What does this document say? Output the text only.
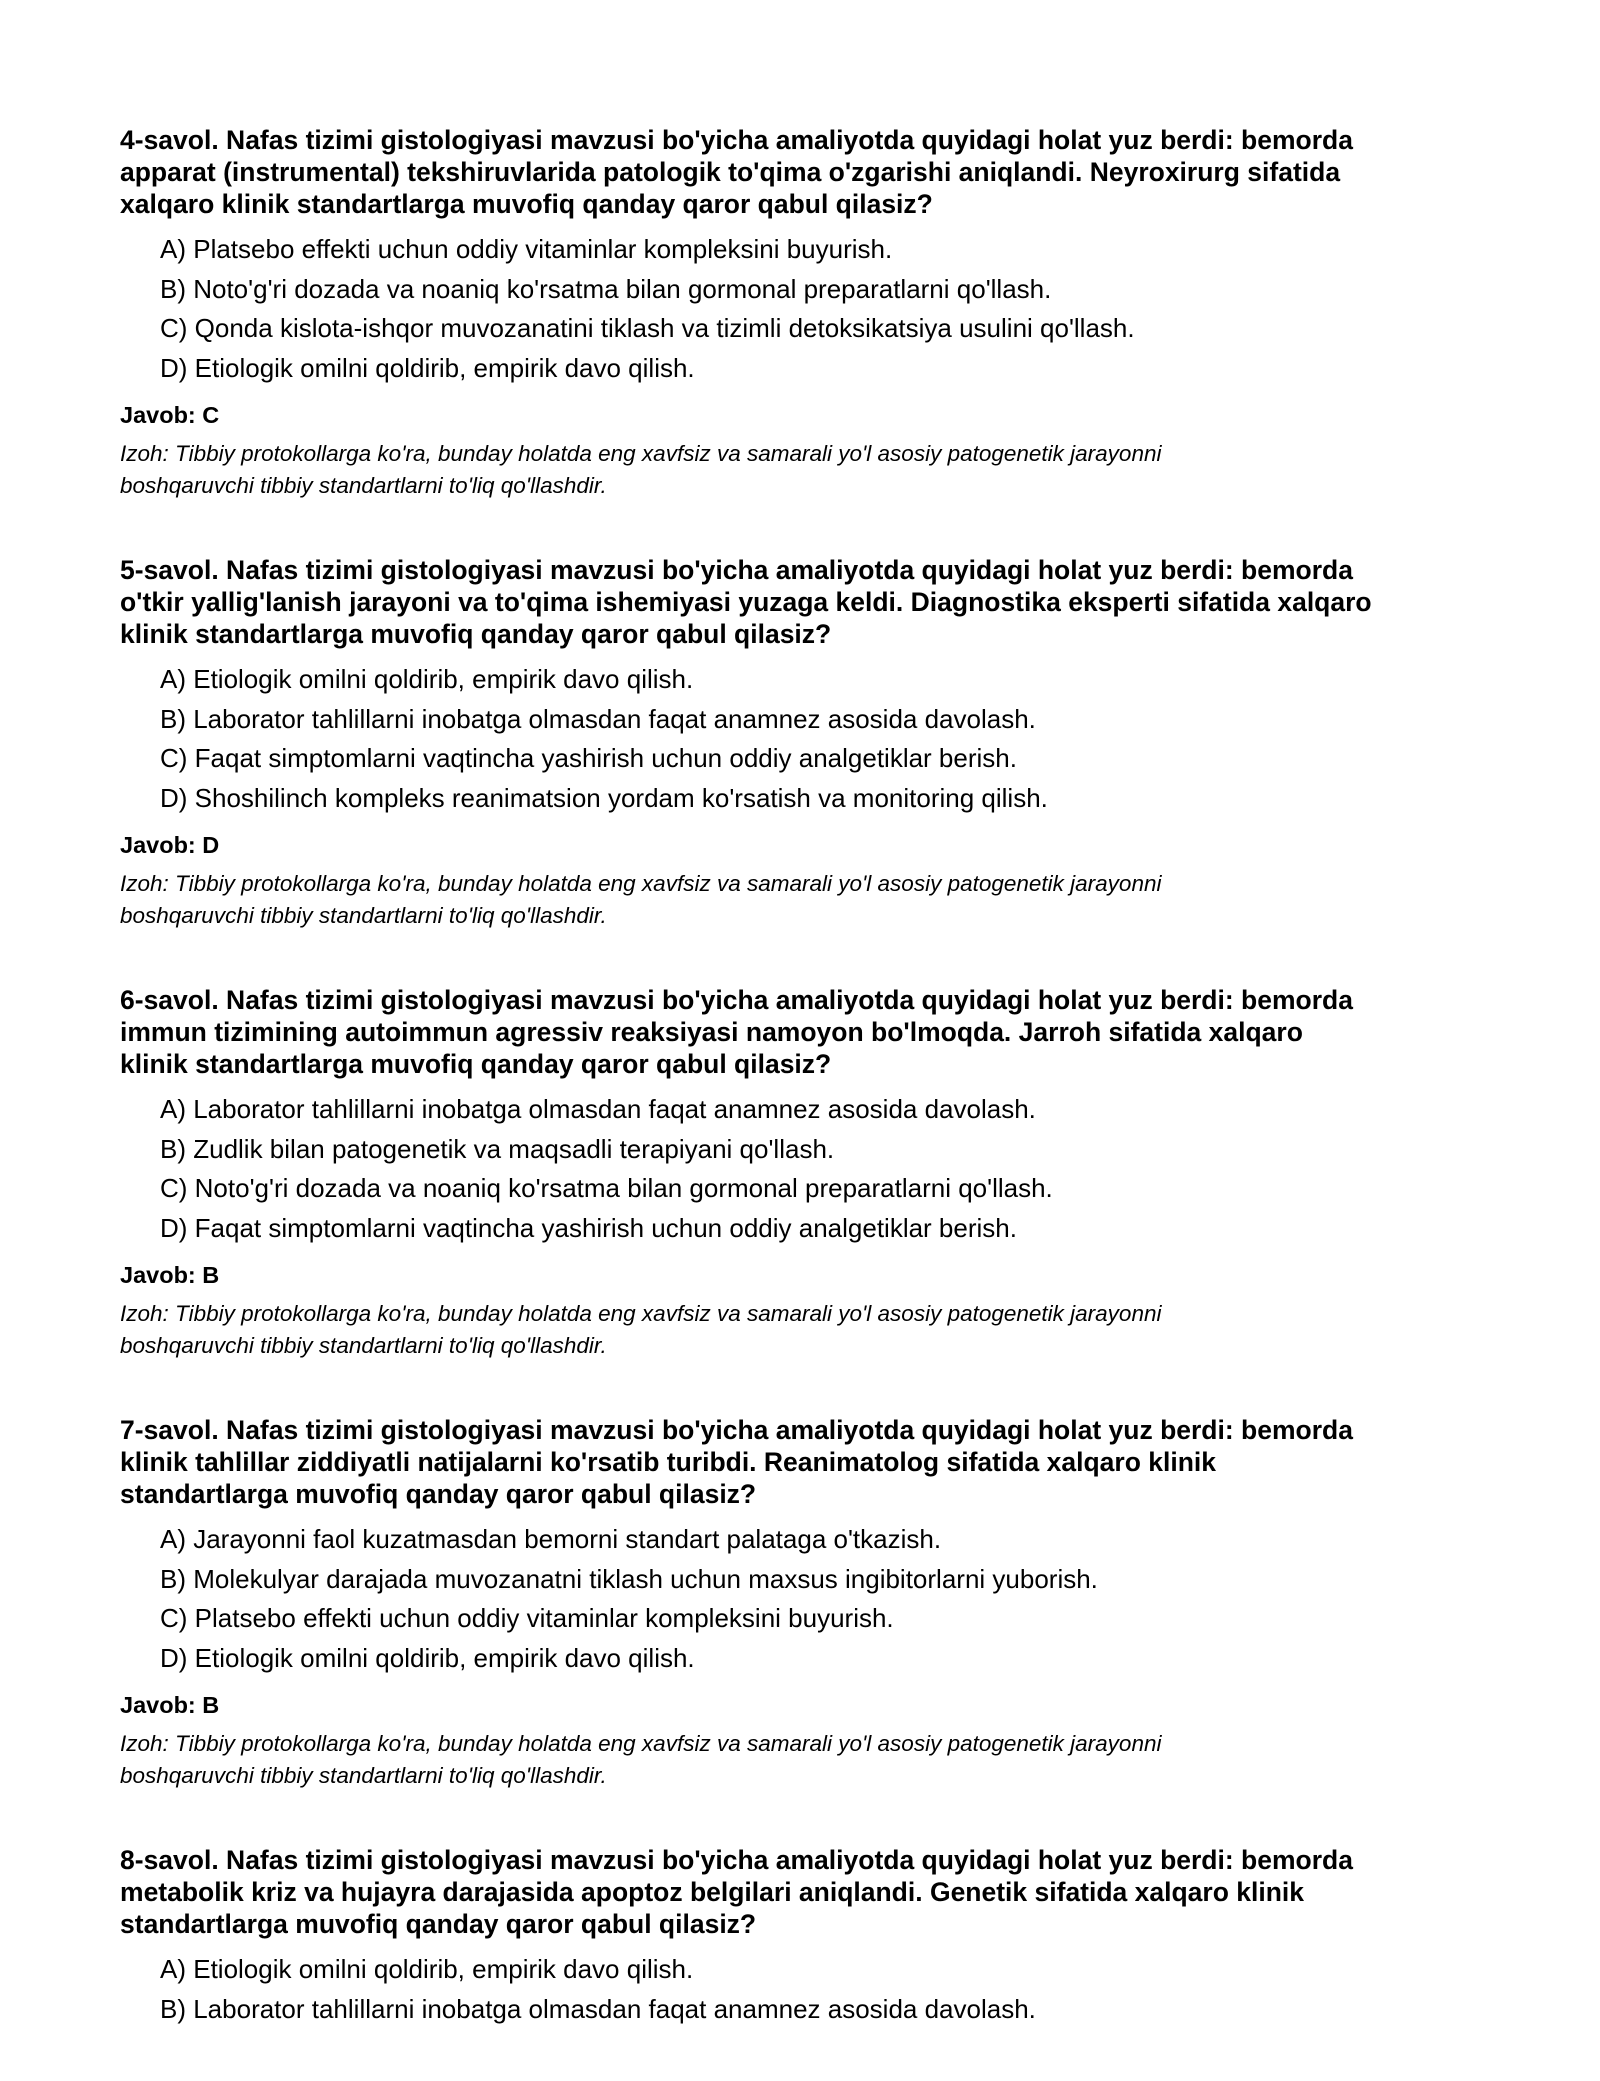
4-savol. Nafas tizimi gistologiyasi mavzusi bo'yicha amaliyotda quyidagi holat yuz berdi: bemorda
apparat (instrumental) tekshiruvlarida patologik to'qima o'zgarishi aniqlandi. Neyroxirurg sifatida
xalqaro klinik standartlarga muvofiq qanday qaror qabul qilasiz?

A) Platsebo effekti uchun oddiy vitaminlar kompleksini buyurish.
B) Noto'g'ri dozada va noaniq ko'rsatma bilan gormonal preparatlarni qo'llash.
C) Qonda kislota-ishqor muvozanatini tiklash va tizimli detoksikatsiya usulini qo'llash.
D) Etiologik omilni qoldirib, empirik davo qilish.
Javob: C
Izoh: Tibbiy protokollarga ko'ra, bunday holatda eng xavfsiz va samarali yo'l asosiy patogenetik jarayonni
boshqaruvchi tibbiy standartlarni to'liq qo'llashdir.

5-savol. Nafas tizimi gistologiyasi mavzusi bo'yicha amaliyotda quyidagi holat yuz berdi: bemorda
o'tkir yallig'lanish jarayoni va to'qima ishemiyasi yuzaga keldi. Diagnostika eksperti sifatida xalqaro
klinik standartlarga muvofiq qanday qaror qabul qilasiz?

A) Etiologik omilni qoldirib, empirik davo qilish.
B) Laborator tahlillarni inobatga olmasdan faqat anamnez asosida davolash.
C) Faqat simptomlarni vaqtincha yashirish uchun oddiy analgetiklar berish.
D) Shoshilinch kompleks reanimatsion yordam ko'rsatish va monitoring qilish.
Javob: D
Izoh: Tibbiy protokollarga ko'ra, bunday holatda eng xavfsiz va samarali yo'l asosiy patogenetik jarayonni
boshqaruvchi tibbiy standartlarni to'liq qo'llashdir.

6-savol. Nafas tizimi gistologiyasi mavzusi bo'yicha amaliyotda quyidagi holat yuz berdi: bemorda
immun tizimining autoimmun agressiv reaksiyasi namoyon bo'lmoqda. Jarroh sifatida xalqaro
klinik standartlarga muvofiq qanday qaror qabul qilasiz?

A) Laborator tahlillarni inobatga olmasdan faqat anamnez asosida davolash.
B) Zudlik bilan patogenetik va maqsadli terapiyani qo'llash.
C) Noto'g'ri dozada va noaniq ko'rsatma bilan gormonal preparatlarni qo'llash.
D) Faqat simptomlarni vaqtincha yashirish uchun oddiy analgetiklar berish.
Javob: B
Izoh: Tibbiy protokollarga ko'ra, bunday holatda eng xavfsiz va samarali yo'l asosiy patogenetik jarayonni
boshqaruvchi tibbiy standartlarni to'liq qo'llashdir.

7-savol. Nafas tizimi gistologiyasi mavzusi bo'yicha amaliyotda quyidagi holat yuz berdi: bemorda
klinik tahlillar ziddiyatli natijalarni ko'rsatib turibdi. Reanimatolog sifatida xalqaro klinik
standartlarga muvofiq qanday qaror qabul qilasiz?

A) Jarayonni faol kuzatmasdan bemorni standart palataga o'tkazish.
B) Molekulyar darajada muvozanatni tiklash uchun maxsus ingibitorlarni yuborish.
C) Platsebo effekti uchun oddiy vitaminlar kompleksini buyurish.
D) Etiologik omilni qoldirib, empirik davo qilish.
Javob: B
Izoh: Tibbiy protokollarga ko'ra, bunday holatda eng xavfsiz va samarali yo'l asosiy patogenetik jarayonni
boshqaruvchi tibbiy standartlarni to'liq qo'llashdir.

8-savol. Nafas tizimi gistologiyasi mavzusi bo'yicha amaliyotda quyidagi holat yuz berdi: bemorda
metabolik kriz va hujayra darajasida apoptoz belgilari aniqlandi. Genetik sifatida xalqaro klinik
standartlarga muvofiq qanday qaror qabul qilasiz?

A) Etiologik omilni qoldirib, empirik davo qilish.
B) Laborator tahlillarni inobatga olmasdan faqat anamnez asosida davolash.
